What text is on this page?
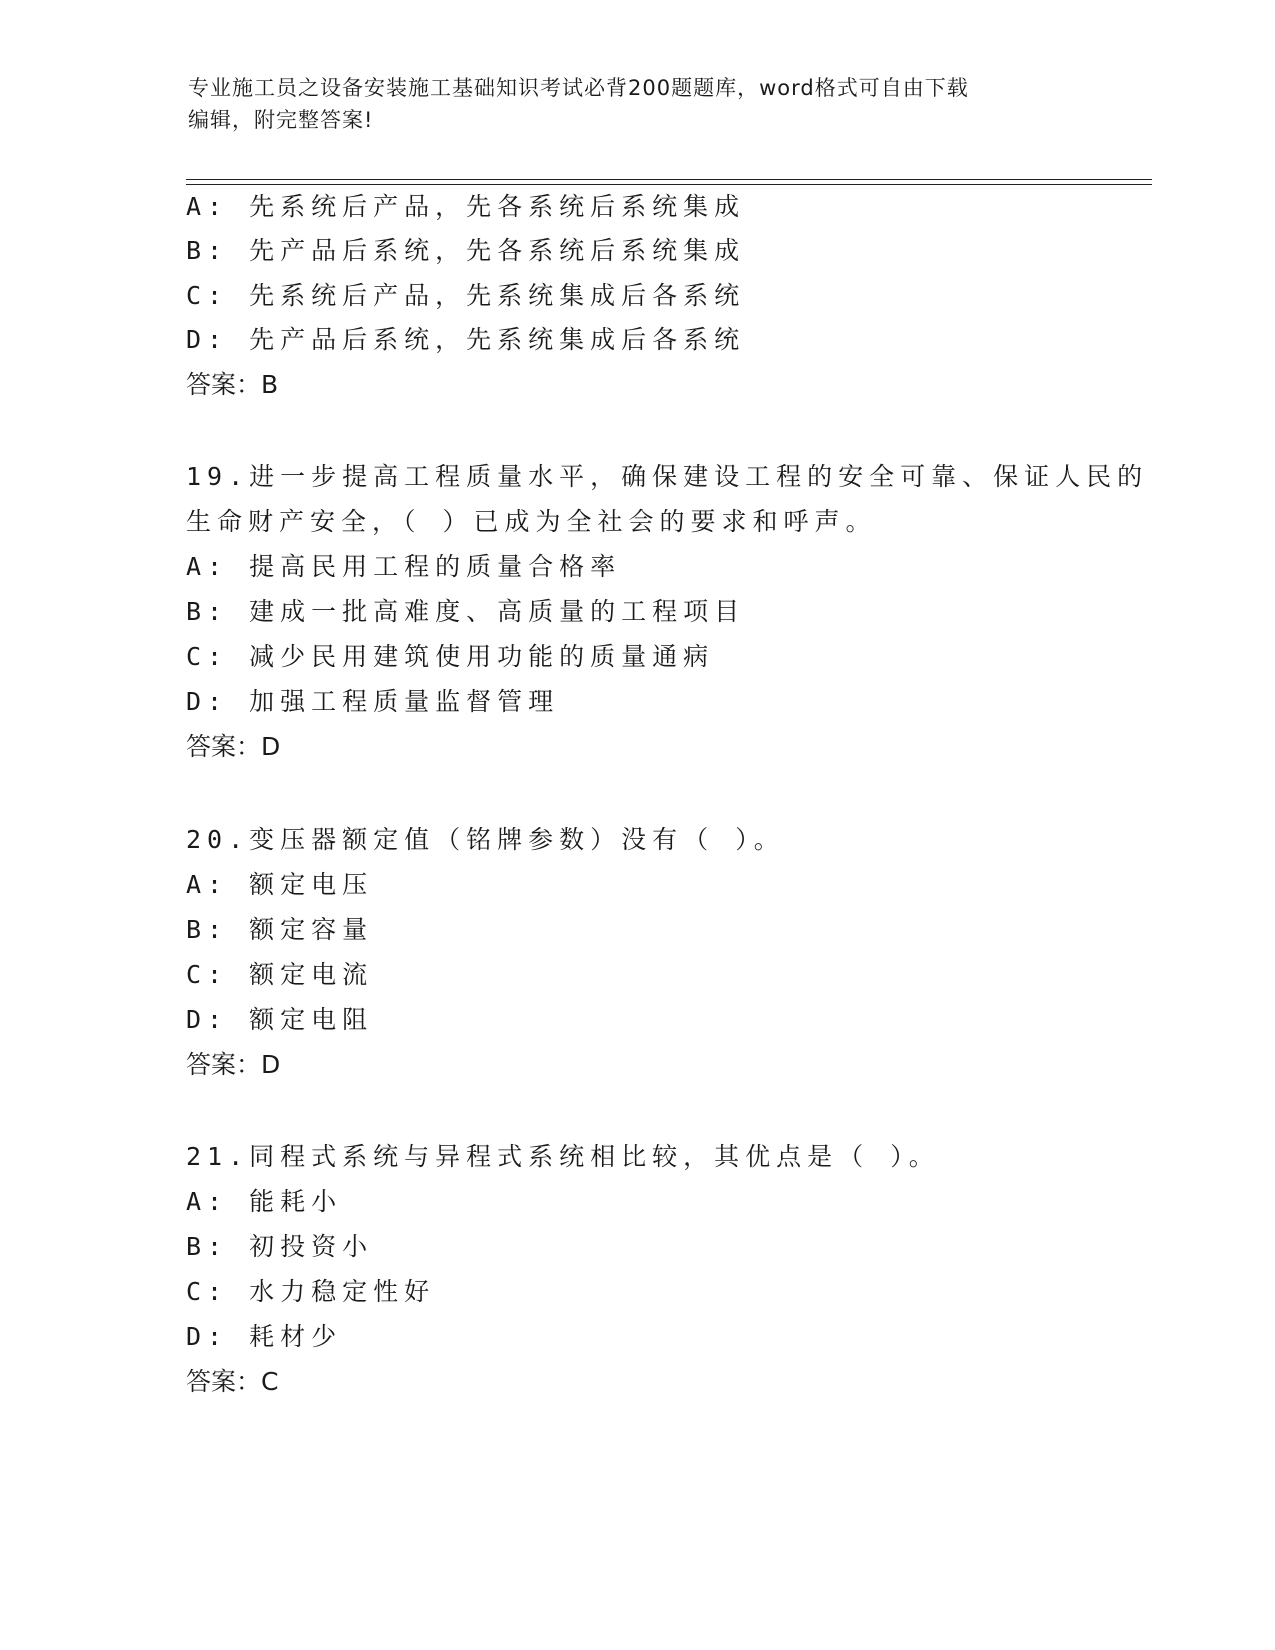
专业施工员之设备安装施工基础知识考试必背200题题库，word格式可自由下载
编辑，附完整答案!
A: 先系统后产品，先各系统后系统集成
B: 先产品后系统，先各系统后系统集成
C: 先系统后产品，先系统集成后各系统
D: 先产品后系统，先系统集成后各系统
答案：B
19.进一步提高工程质量水平，确保建设工程的安全可靠、保证人民的
生命财产安全，（ ）已成为全社会的要求和呼声。
A: 提高民用工程的质量合格率
B: 建成一批高难度、高质量的工程项目
C: 减少民用建筑使用功能的质量通病
D: 加强工程质量监督管理
答案：D
20.变压器额定值（铭牌参数）没有（ ）。
A: 额定电压
B: 额定容量
C: 额定电流
D: 额定电阻
答案：D
21.同程式系统与异程式系统相比较，其优点是（ ）。
A: 能耗小
B: 初投资小
C: 水力稳定性好
D: 耗材少
答案：C
